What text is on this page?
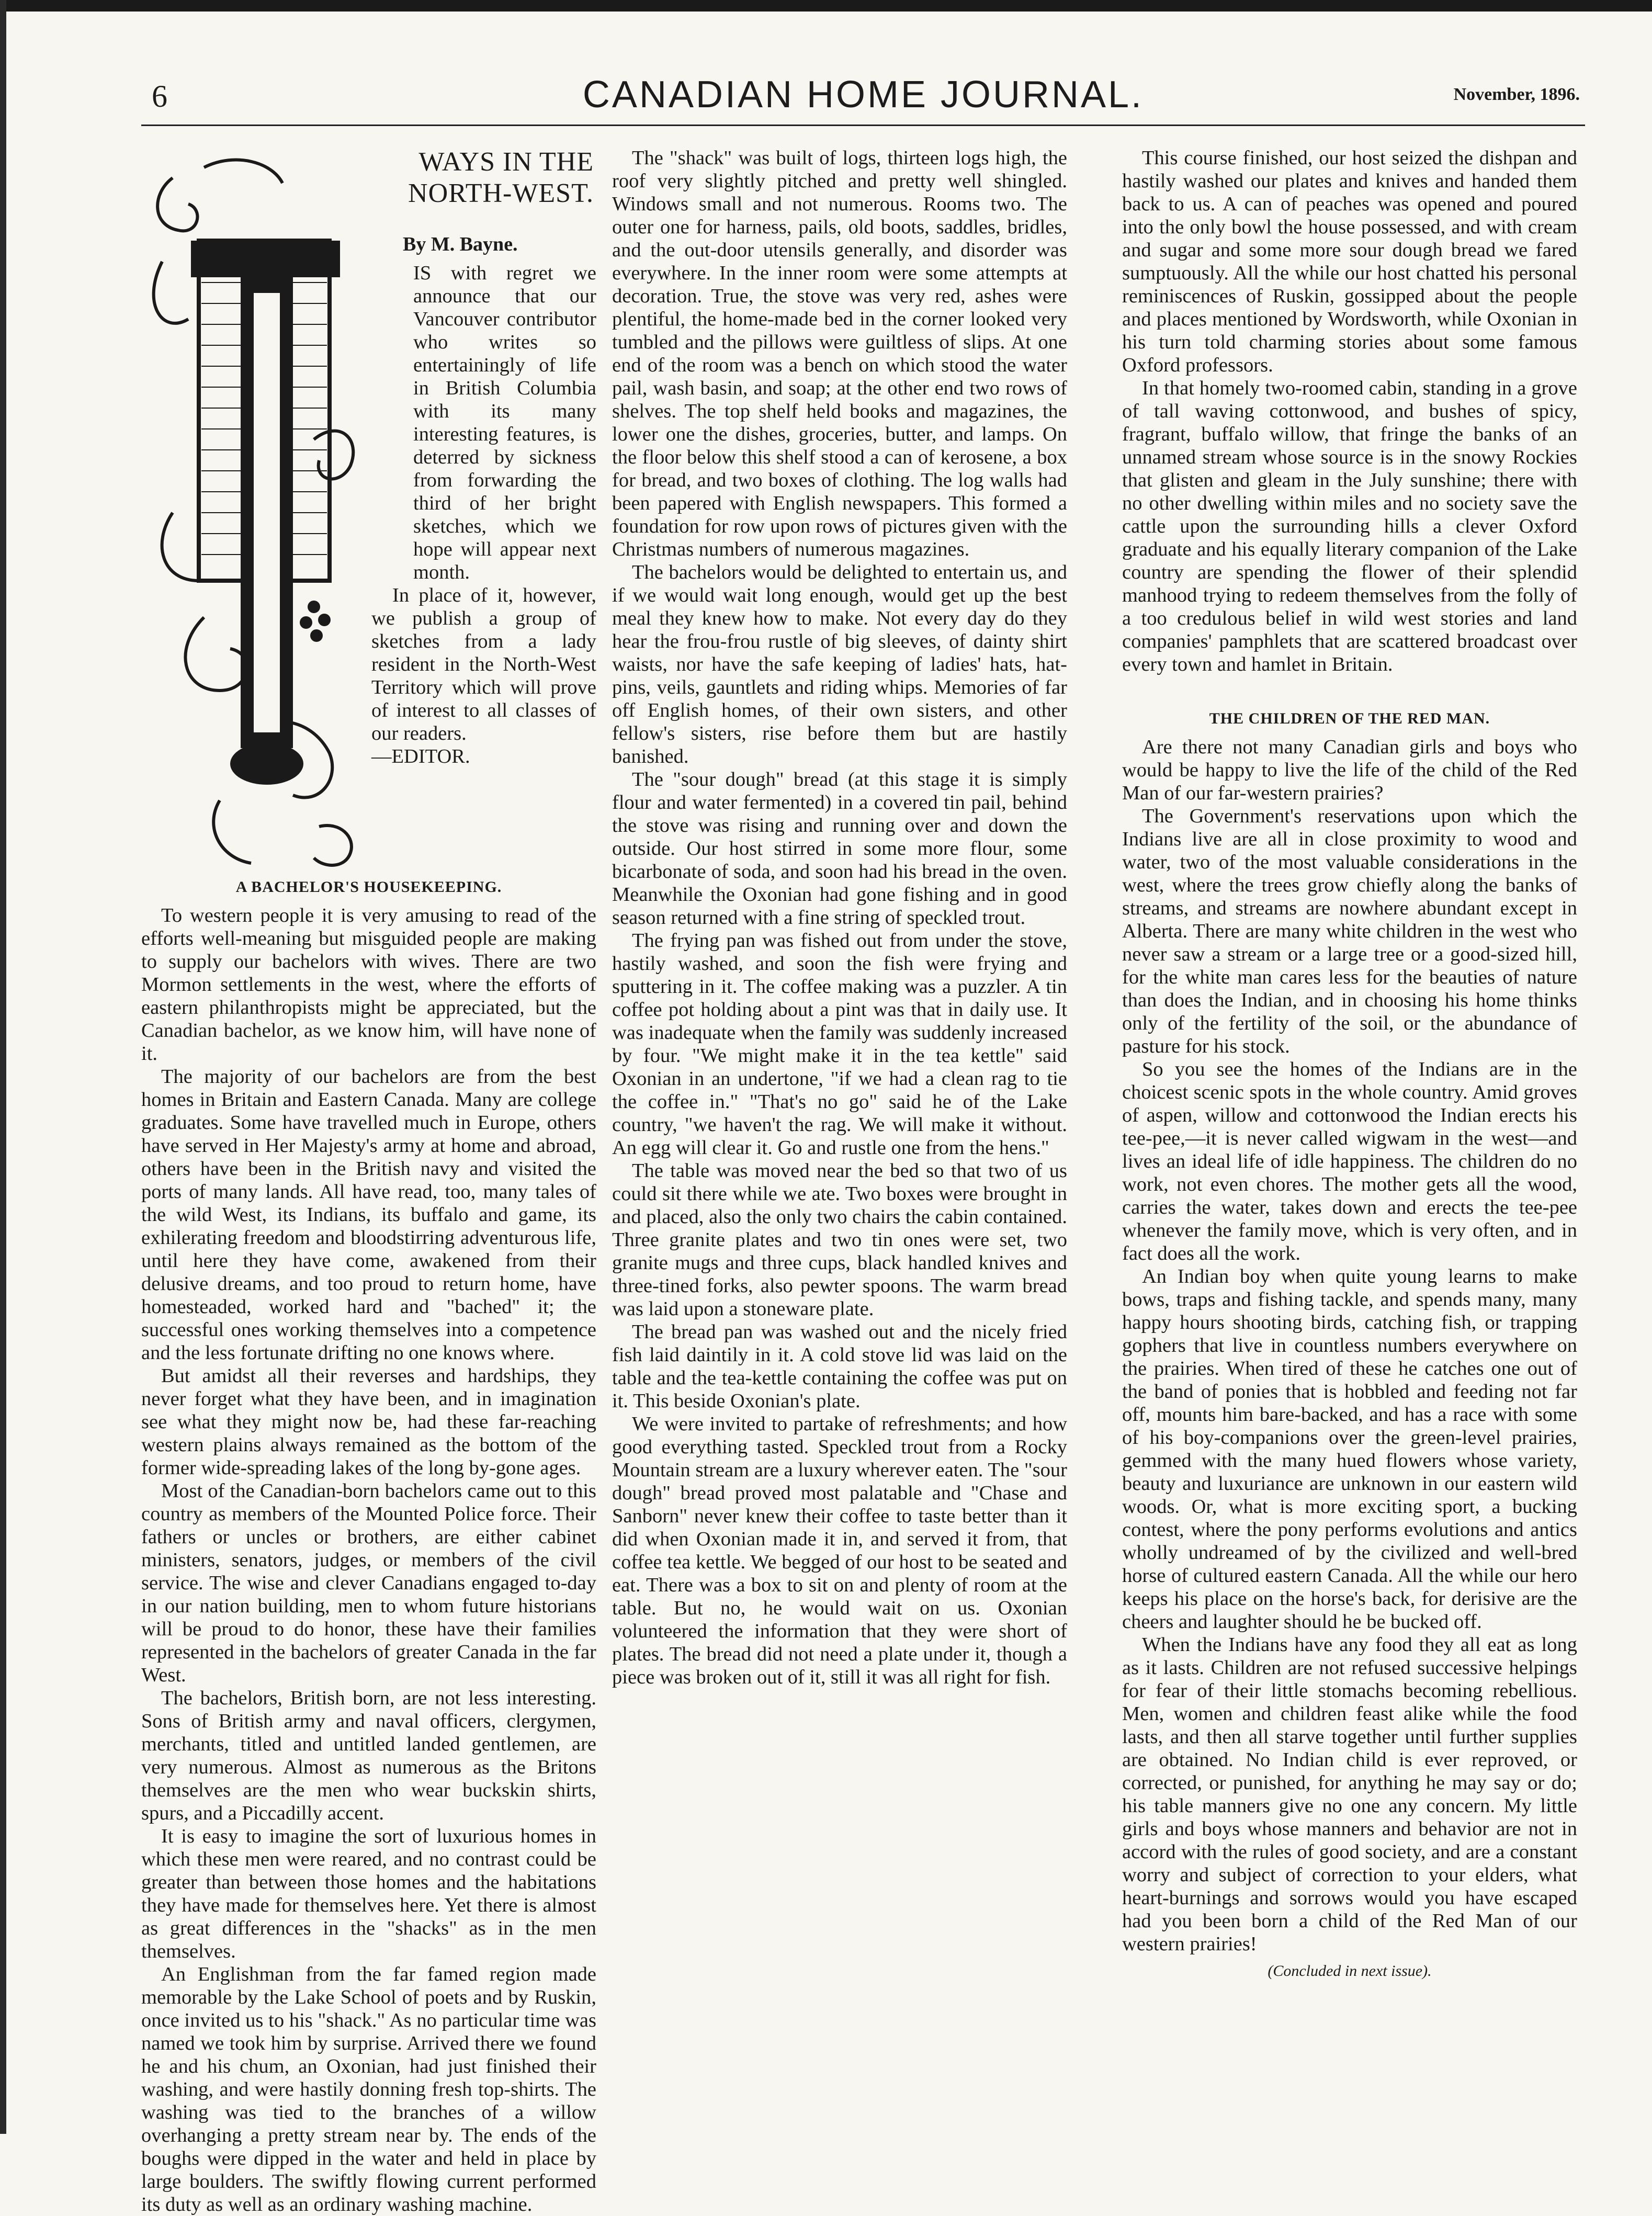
6	CANADIAN HOME JOURNAL.	November, 1896.
WAYS IN THE NORTH-WEST.
By M. Bayne.

IS with regret we announce that our Vancouver contributor who writes so entertainingly of life in British Columbia with its many interesting features, is deterred by sickness from forwarding the third of her bright sketches, which we hope will appear next month.

In place of it, however, we publish a group of sketches from a lady resident in the North-West Territory which will prove of interest to all classes of our readers.

—EDITOR.
A BACHELOR'S HOUSEKEEPING.

To western people it is very amusing to read of the efforts well-meaning but misguided people are making to supply our bachelors with wives. There are two Mormon settlements in the west, where the efforts of eastern philanthropists might be appreciated, but the Canadian bachelor, as we know him, will have none of it.

The majority of our bachelors are from the best homes in Britain and Eastern Canada. Many are college graduates. Some have travelled much in Europe, others have served in Her Majesty's army at home and abroad, others have been in the British navy and visited the ports of many lands. All have read, too, many tales of the wild West, its Indians, its buffalo and game, its exhilerating freedom and bloodstirring adventurous life, until here they have come, awakened from their delusive dreams, and too proud to return home, have homesteaded, worked hard and "bached" it; the successful ones working themselves into a competence and the less fortunate drifting no one knows where.

But amidst all their reverses and hardships, they never forget what they have been, and in imagination see what they might now be, had these far-reaching western plains always remained as the bottom of the former wide-spreading lakes of the long by-gone ages.

Most of the Canadian-born bachelors came out to this country as members of the Mounted Police force. Their fathers or uncles or brothers, are either cabinet ministers, senators, judges, or members of the civil service. The wise and clever Canadians engaged to-day in our nation building, men to whom future historians will be proud to do honor, these have their families represented in the bachelors of greater Canada in the far West.

The bachelors, British born, are not less interesting. Sons of British army and naval officers, clergymen, merchants, titled and untitled landed gentlemen, are very numerous. Almost as numerous as the Britons themselves are the men who wear buckskin shirts, spurs, and a Piccadilly accent.

It is easy to imagine the sort of luxurious homes in which these men were reared, and no contrast could be greater than between those homes and the habitations they have made for themselves here. Yet there is almost as great differences in the "shacks" as in the men themselves.

An Englishman from the far famed region made memorable by the Lake School of poets and by Ruskin, once invited us to his "shack." As no particular time was named we took him by surprise. Arrived there we found he and his chum, an Oxonian, had just finished their washing, and were hastily donning fresh top-shirts. The washing was tied to the branches of a willow overhanging a pretty stream near by. The ends of the boughs were dipped in the water and held in place by large boulders. The swiftly flowing current performed its duty as well as an ordinary washing machine.

The "shack" was built of logs, thirteen logs high, the roof very slightly pitched and pretty well shingled. Windows small and not numerous. Rooms two. The outer one for harness, pails, old boots, saddles, bridles, and the out-door utensils generally, and disorder was everywhere. In the inner room were some attempts at decoration. True, the stove was very red, ashes were plentiful, the home-made bed in the corner looked very tumbled and the pillows were guiltless of slips. At one end of the room was a bench on which stood the water pail, wash basin, and soap; at the other end two rows of shelves. The top shelf held books and magazines, the lower one the dishes, groceries, butter, and lamps. On the floor below this shelf stood a can of kerosene, a box for bread, and two boxes of clothing. The log walls had been papered with English newspapers. This formed a foundation for row upon rows of pictures given with the Christmas numbers of numerous magazines.

The bachelors would be delighted to entertain us, and if we would wait long enough, would get up the best meal they knew how to make. Not every day do they hear the frou-frou rustle of big sleeves, of dainty shirt waists, nor have the safe keeping of ladies' hats, hat-pins, veils, gauntlets and riding whips. Memories of far off English homes, of their own sisters, and other fellow's sisters, rise before them but are hastily banished.

The "sour dough" bread (at this stage it is simply flour and water fermented) in a covered tin pail, behind the stove was rising and running over and down the outside. Our host stirred in some more flour, some bicarbonate of soda, and soon had his bread in the oven. Meanwhile the Oxonian had gone fishing and in good season returned with a fine string of speckled trout.

The frying pan was fished out from under the stove, hastily washed, and soon the fish were frying and sputtering in it. The coffee making was a puzzler. A tin coffee pot holding about a pint was that in daily use. It was inadequate when the family was suddenly increased by four. "We might make it in the tea kettle" said Oxonian in an undertone, "if we had a clean rag to tie the coffee in." "That's no go" said he of the Lake country, "we haven't the rag. We will make it without. An egg will clear it. Go and rustle one from the hens."

The table was moved near the bed so that two of us could sit there while we ate. Two boxes were brought in and placed, also the only two chairs the cabin contained. Three granite plates and two tin ones were set, two granite mugs and three cups, black handled knives and three-tined forks, also pewter spoons. The warm bread was laid upon a stoneware plate.

The bread pan was washed out and the nicely fried fish laid daintily in it. A cold stove lid was laid on the table and the tea-kettle containing the coffee was put on it. This beside Oxonian's plate.

We were invited to partake of refreshments; and how good everything tasted. Speckled trout from a Rocky Mountain stream are a luxury wherever eaten. The "sour dough" bread proved most palatable and "Chase and Sanborn" never knew their coffee to taste better than it did when Oxonian made it in, and served it from, that coffee tea kettle. We begged of our host to be seated and eat. There was a box to sit on and plenty of room at the table. But no, he would wait on us. Oxonian volunteered the information that they were short of plates. The bread did not need a plate under it, though a piece was broken out of it, still it was all right for fish.

This course finished, our host seized the dishpan and hastily washed our plates and knives and handed them back to us. A can of peaches was opened and poured into the only bowl the house possessed, and with cream and sugar and some more sour dough bread we fared sumptuously. All the while our host chatted his personal reminiscences of Ruskin, gossipped about the people and places mentioned by Wordsworth, while Oxonian in his turn told charming stories about some famous Oxford professors.

In that homely two-roomed cabin, standing in a grove of tall waving cottonwood, and bushes of spicy, fragrant, buffalo willow, that fringe the banks of an unnamed stream whose source is in the snowy Rockies that glisten and gleam in the July sunshine; there with no other dwelling within miles and no society save the cattle upon the surrounding hills a clever Oxford graduate and his equally literary companion of the Lake country are spending the flower of their splendid manhood trying to redeem themselves from the folly of a too credulous belief in wild west stories and land companies' pamphlets that are scattered broadcast over every town and hamlet in Britain.

THE CHILDREN OF THE RED MAN.

Are there not many Canadian girls and boys who would be happy to live the life of the child of the Red Man of our far-western prairies?

The Government's reservations upon which the Indians live are all in close proximity to wood and water, two of the most valuable considerations in the west, where the trees grow chiefly along the banks of streams, and streams are nowhere abundant except in Alberta. There are many white children in the west who never saw a stream or a large tree or a good-sized hill, for the white man cares less for the beauties of nature than does the Indian, and in choosing his home thinks only of the fertility of the soil, or the abundance of pasture for his stock.

So you see the homes of the Indians are in the choicest scenic spots in the whole country. Amid groves of aspen, willow and cottonwood the Indian erects his tee-pee,—it is never called wigwam in the west—and lives an ideal life of idle happiness. The children do no work, not even chores. The mother gets all the wood, carries the water, takes down and erects the tee-pee whenever the family move, which is very often, and in fact does all the work.

An Indian boy when quite young learns to make bows, traps and fishing tackle, and spends many, many happy hours shooting birds, catching fish, or trapping gophers that live in countless numbers everywhere on the prairies. When tired of these he catches one out of the band of ponies that is hobbled and feeding not far off, mounts him bare-backed, and has a race with some of his boy-companions over the green-level prairies, gemmed with the many hued flowers whose variety, beauty and luxuriance are unknown in our eastern wild woods. Or, what is more exciting sport, a bucking contest, where the pony performs evolutions and antics wholly undreamed of by the civilized and well-bred horse of cultured eastern Canada. All the while our hero keeps his place on the horse's back, for derisive are the cheers and laughter should he be bucked off.

When the Indians have any food they all eat as long as it lasts. Children are not refused successive helpings for fear of their little stomachs becoming rebellious. Men, women and children feast alike while the food lasts, and then all starve together until further supplies are obtained. No Indian child is ever reproved, or corrected, or punished, for anything he may say or do; his table manners give no one any concern. My little girls and boys whose manners and behavior are not in accord with the rules of good society, and are a constant worry and subject of correction to your elders, what heart-burnings and sorrows would you have escaped had you been born a child of the Red Man of our western prairies!

(Concluded in next issue).
